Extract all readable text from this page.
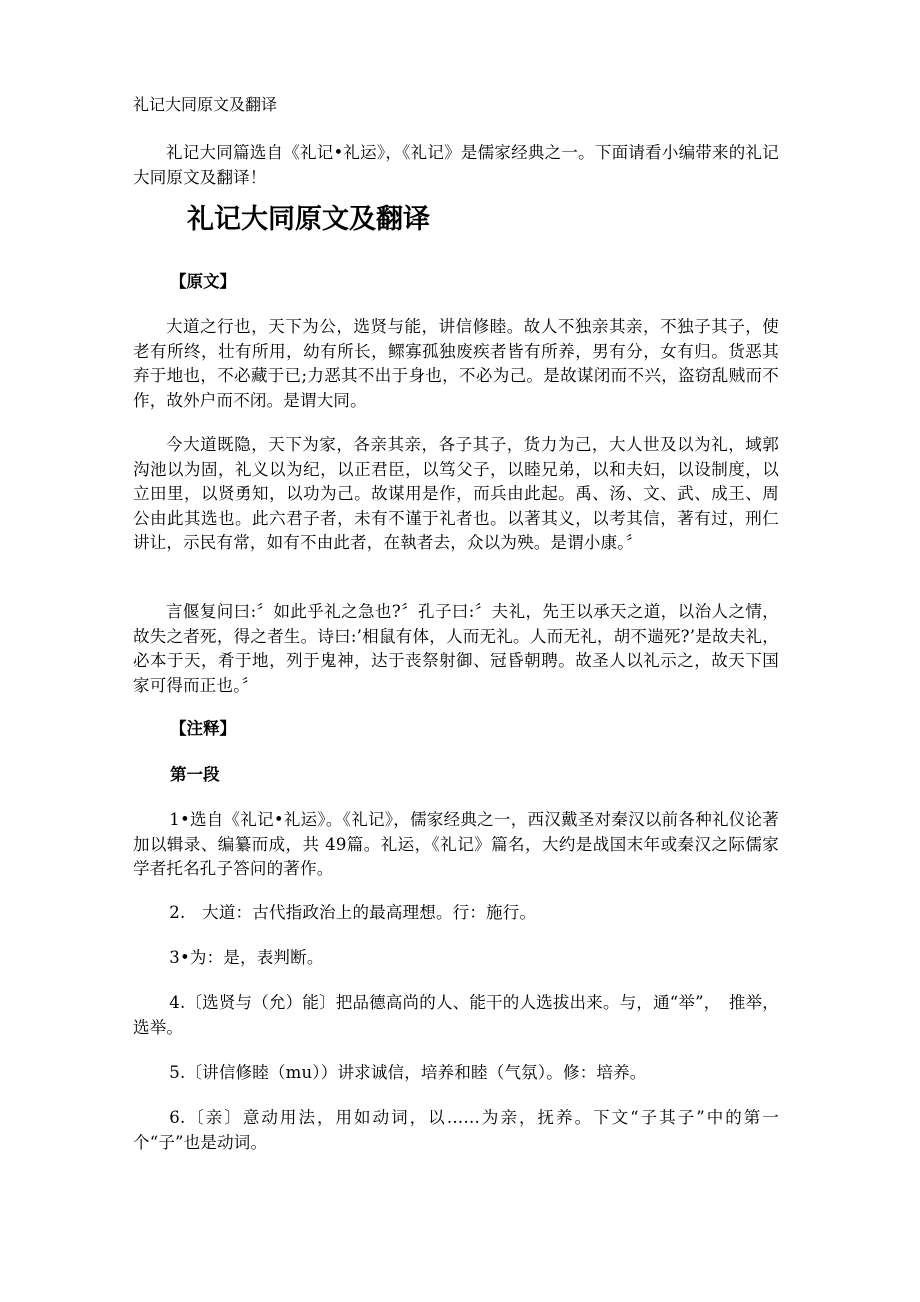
礼记大同原文及翻译
礼记大同篇选自《礼记•礼运》，《礼记》是儒家经典之一。下面请看小编带来的礼记大同原文及翻译！
礼记大同原文及翻译
【原文】
大道之行也，天下为公，选贤与能，讲信修睦。故人不独亲其亲，不独子其子，使老有所终，壮有所用，幼有所长，鳏寡孤独废疾者皆有所养，男有分，女有归。货恶其弃于地也，不必藏于已;力恶其不出于身也，不必为己。是故谋闭而不兴，盗窃乱贼而不作，故外户而不闭。是谓大同。
今大道既隐，天下为家，各亲其亲，各子其子，货力为己，大人世及以为礼，域郭沟池以为固，礼义以为纪，以正君臣，以笃父子，以睦兄弟，以和夫妇，以设制度，以立田里，以贤勇知，以功为己。故谋用是作，而兵由此起。禹、汤、文、武、成王、周公由此其选也。此六君子者，未有不谨于礼者也。以著其义，以考其信，著有过，刑仁讲让，示民有常，如有不由此者，在執者去，众以为殃。是谓小康。〞
言偃复问曰:〞如此乎礼之急也?〞孔子曰:〞夫礼，先王以承天之道，以治人之情，故失之者死，得之者生。诗曰:’相鼠有体，人而无礼。人而无礼，胡不遄死?’是故夫礼，必本于天，肴于地，列于鬼神，达于丧祭射御、冠昏朝聘。故圣人以礼示之，故天下国家可得而正也。〞
【注释】
第一段
1•选自《礼记•礼运》。《礼记》，儒家经典之一，西汉戴圣对秦汉以前各种礼仪论著加以辑录、编纂而成，共 49篇。礼运，《礼记》篇名，大约是战国末年或秦汉之际儒家学者托名孔子答问的著作。
2.　大道：古代指政治上的最高理想。行：施行。
3•为：是，表判断。
4.〔选贤与（允）能〕把品德高尚的人、能干的人选拔出来。与，通“举”，　推举，选举。
5.〔讲信修睦（mu））讲求诚信，培养和睦（气氛）。修：培养。
6.〔亲〕意动用法，用如动词，以……为亲，抚养。下文“子其子”中的第一个“子”也是动词。
